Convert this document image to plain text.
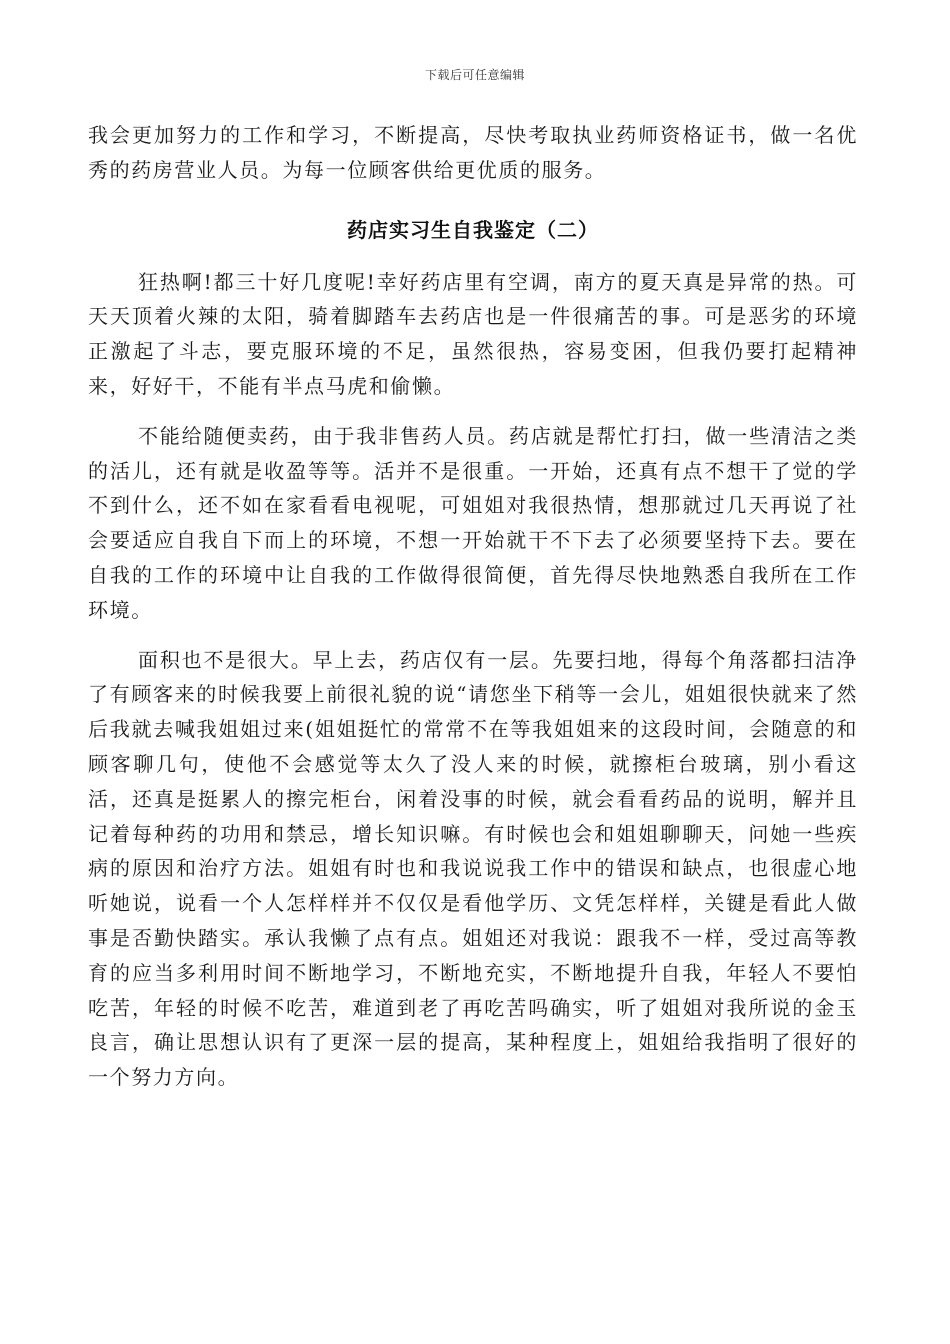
下载后可任意编辑

我会更加努力的工作和学习，不断提高，尽快考取执业药师资格证书，做一名优秀的药房营业人员。为每一位顾客供给更优质的服务。

药店实习生自我鉴定（二）

狂热啊!都三十好几度呢!幸好药店里有空调，南方的夏天真是异常的热。可天天顶着火辣的太阳，骑着脚踏车去药店也是一件很痛苦的事。可是恶劣的环境正激起了斗志，要克服环境的不足，虽然很热，容易变困，但我仍要打起精神来，好好干，不能有半点马虎和偷懒。

不能给随便卖药，由于我非售药人员。药店就是帮忙打扫，做一些清洁之类的活儿，还有就是收盈等等。活并不是很重。一开始，还真有点不想干了觉的学不到什么，还不如在家看看电视呢，可姐姐对我很热情，想那就过几天再说了社会要适应自我自下而上的环境，不想一开始就干不下去了必须要坚持下去。要在自我的工作的环境中让自我的工作做得很简便，首先得尽快地熟悉自我所在工作环境。

面积也不是很大。早上去，药店仅有一层。先要扫地，得每个角落都扫洁净了有顾客来的时候我要上前很礼貌的说“请您坐下稍等一会儿，姐姐很快就来了然后我就去喊我姐姐过来(姐姐挺忙的常常不在等我姐姐来的这段时间，会随意的和顾客聊几句，使他不会感觉等太久了没人来的时候，就擦柜台玻璃，别小看这活，还真是挺累人的擦完柜台，闲着没事的时候，就会看看药品的说明，解并且记着每种药的功用和禁忌，增长知识嘛。有时候也会和姐姐聊聊天，问她一些疾病的原因和治疗方法。姐姐有时也和我说说我工作中的错误和缺点，也很虚心地听她说，说看一个人怎样样并不仅仅是看他学历、文凭怎样样，关键是看此人做事是否勤快踏实。承认我懒了点有点。姐姐还对我说：跟我不一样，受过高等教育的应当多利用时间不断地学习，不断地充实，不断地提升自我，年轻人不要怕吃苦，年轻的时候不吃苦，难道到老了再吃苦吗确实，听了姐姐对我所说的金玉良言，确让思想认识有了更深一层的提高，某种程度上，姐姐给我指明了很好的一个努力方向。
